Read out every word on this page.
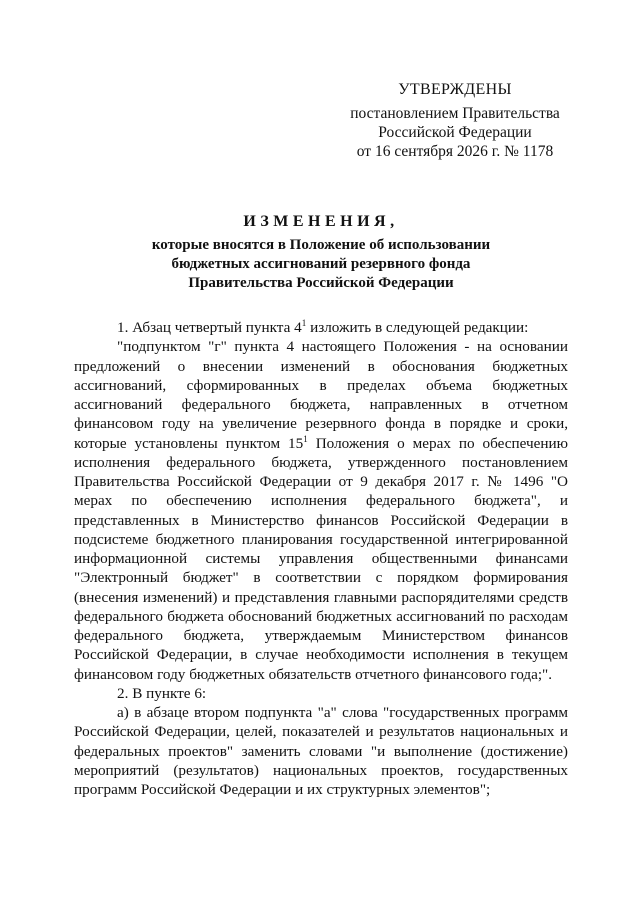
УТВЕРЖДЕНЫ
постановлением Правительства
Российской Федерации
от 16 сентября 2026 г. № 1178
ИЗМЕНЕНИЯ,
которые вносятся в Положение об использовании
бюджетных ассигнований резервного фонда
Правительства Российской Федерации

1. Абзац четвертый пункта $4^1$ изложить в следующей редакции:

"подпунктом "г" пункта 4 настоящего Положения - на основании предложений о внесении изменений в обоснования бюджетных ассигнований, сформированных в пределах объема бюджетных ассигнований федерального бюджета, направленных в отчетном финансовом году на увеличение резервного фонда в порядке и сроки, которые установлены пунктом $15^1$ Положения о мерах по обеспечению исполнения федерального бюджета, утвержденного постановлением Правительства Российской Федерации от 9 декабря 2017 г. № 1496 "О мерах по обеспечению исполнения федерального бюджета", и представленных в Министерство финансов Российской Федерации в подсистеме бюджетного планирования государственной интегрированной информационной системы управления общественными финансами "Электронный бюджет" в соответствии с порядком формирования (внесения изменений) и представления главными распорядителями средств федерального бюджета обоснований бюджетных ассигнований по расходам федерального бюджета, утверждаемым Министерством финансов Российской Федерации, в случае необходимости исполнения в текущем финансовом году бюджетных обязательств отчетного финансового года;".

2. В пункте 6:

а) в абзаце втором подпункта "а" слова "государственных программ Российской Федерации, целей, показателей и результатов национальных и федеральных проектов" заменить словами "и выполнение (достижение) мероприятий (результатов) национальных проектов, государственных программ Российской Федерации и их структурных элементов";
